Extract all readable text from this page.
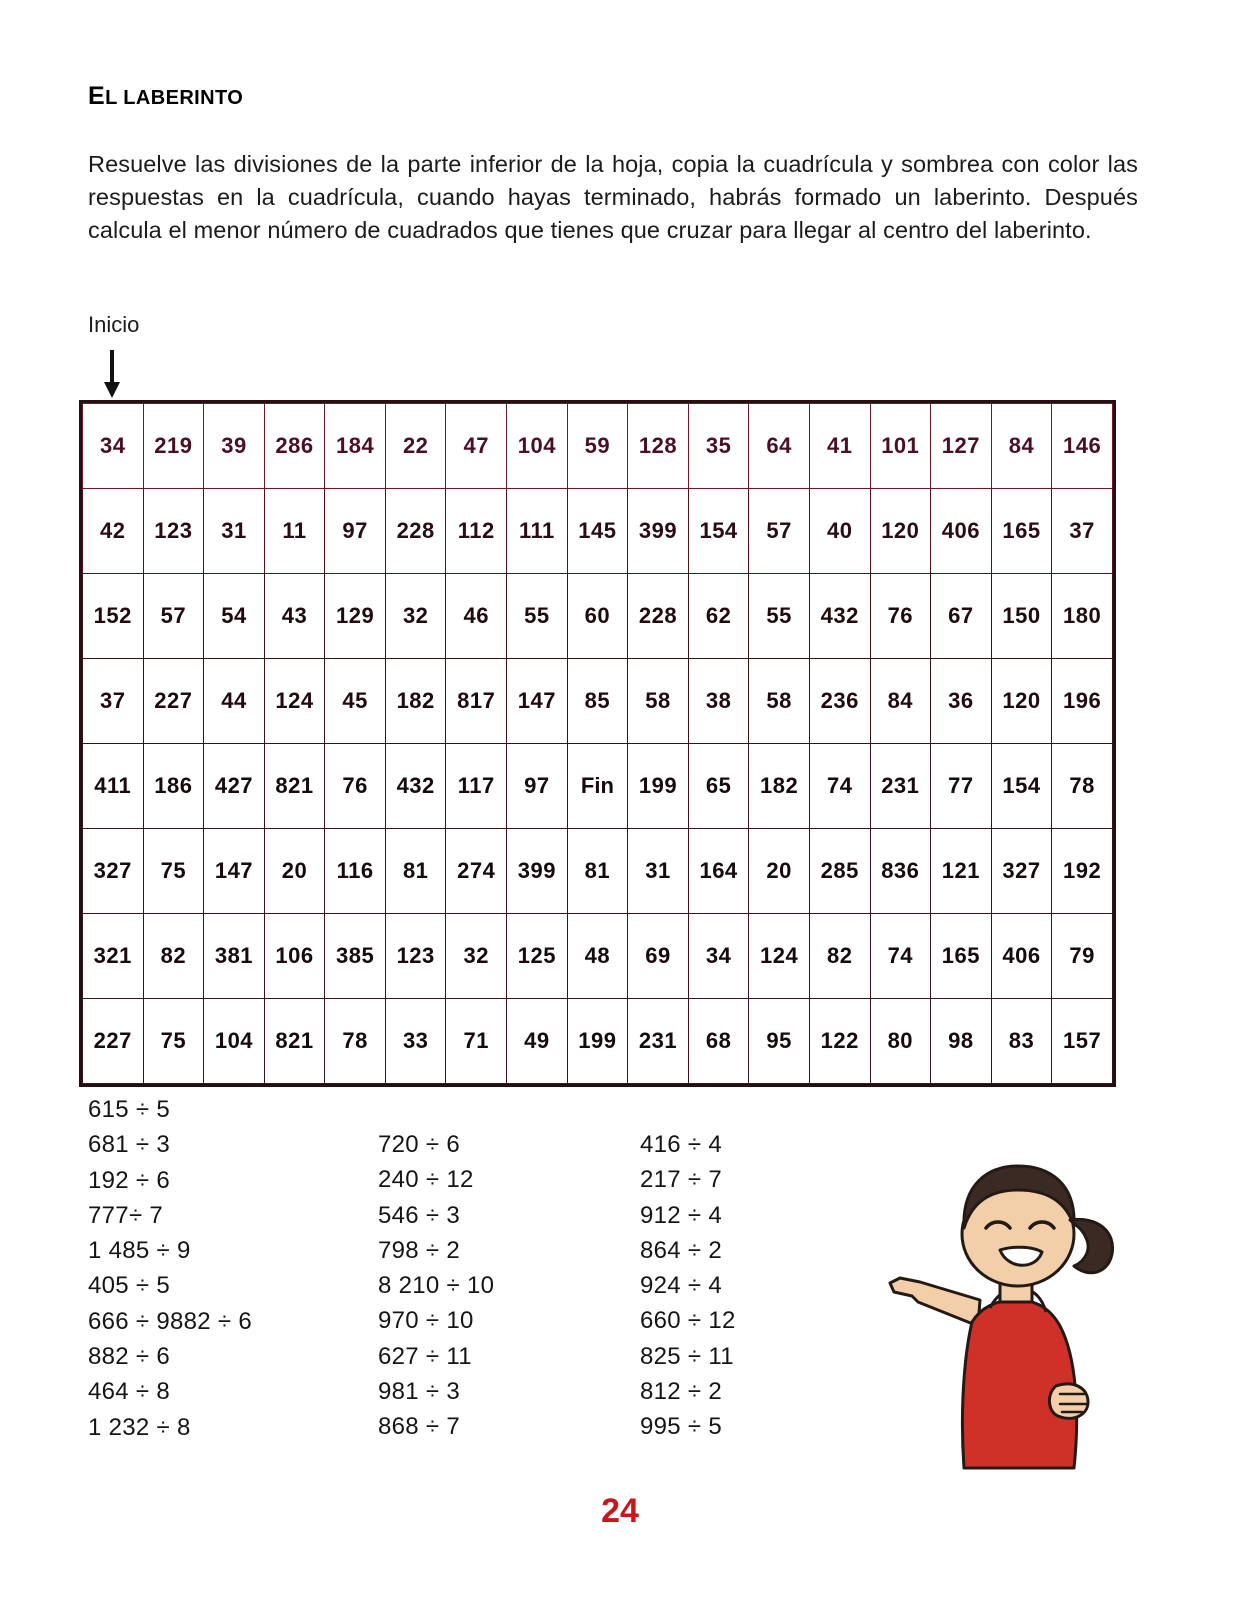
EL LABERINTO
Resuelve las divisiones de la parte inferior de la hoja, copia la cuadrícula y sombrea con color las respuestas en la cuadrícula, cuando hayas terminado, habrás formado un laberinto. Después calcula el menor número de cuadrados que tienes que cruzar para llegar al centro del laberinto.
Inicio
34	219	39	286	184	22	47	104	59	128	35	64	41	101	127	84	146
42	123	31	11	97	228	112	111	145	399	154	57	40	120	406	165	37
152	57	54	43	129	32	46	55	60	228	62	55	432	76	67	150	180
37	227	44	124	45	182	817	147	85	58	38	58	236	84	36	120	196
411	186	427	821	76	432	117	97	Fin	199	65	182	74	231	77	154	78
327	75	147	20	116	81	274	399	81	31	164	20	285	836	121	327	192
321	82	381	106	385	123	32	125	48	69	34	124	82	74	165	406	79
227	75	104	821	78	33	71	49	199	231	68	95	122	80	98	83	157
615 ÷ 5
681 ÷ 3
192 ÷ 6
777÷ 7
1 485 ÷ 9
405 ÷ 5
666 ÷ 9882 ÷ 6
882 ÷ 6
464 ÷ 8
1 232 ÷ 8
720 ÷ 6
240 ÷ 12
546 ÷ 3
798 ÷ 2
8 210 ÷ 10
970 ÷ 10
627 ÷ 11
981 ÷ 3
868 ÷ 7
416 ÷ 4
217 ÷ 7
912 ÷ 4
864 ÷ 2
924 ÷ 4
660 ÷ 12
825 ÷ 11
812 ÷ 2
995 ÷ 5
24
